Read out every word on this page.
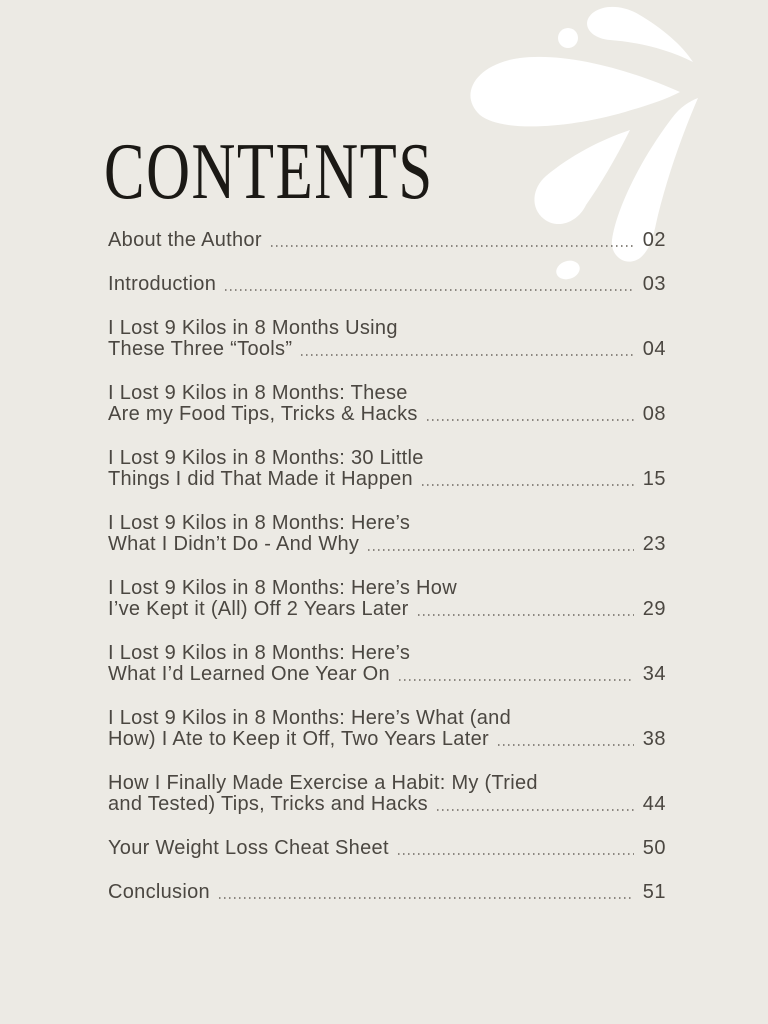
CONTENTS
About the Author	02
Introduction	03
I Lost 9 Kilos in 8 Months Using
These Three “Tools”	04
I Lost 9 Kilos in 8 Months: These
Are my Food Tips, Tricks & Hacks	08
I Lost 9 Kilos in 8 Months: 30 Little
Things I did That Made it Happen	15
I Lost 9 Kilos in 8 Months: Here’s
What I Didn’t Do - And Why	23
I Lost 9 Kilos in 8 Months: Here’s How
I’ve Kept it (All) Off 2 Years Later	29
I Lost 9 Kilos in 8 Months: Here’s
What I’d Learned One Year On	34
I Lost 9 Kilos in 8 Months: Here’s What (and
How) I Ate to Keep it Off, Two Years Later	38
How I Finally Made Exercise a Habit: My (Tried
and Tested) Tips, Tricks and Hacks	44
Your Weight Loss Cheat Sheet	50
Conclusion	51
